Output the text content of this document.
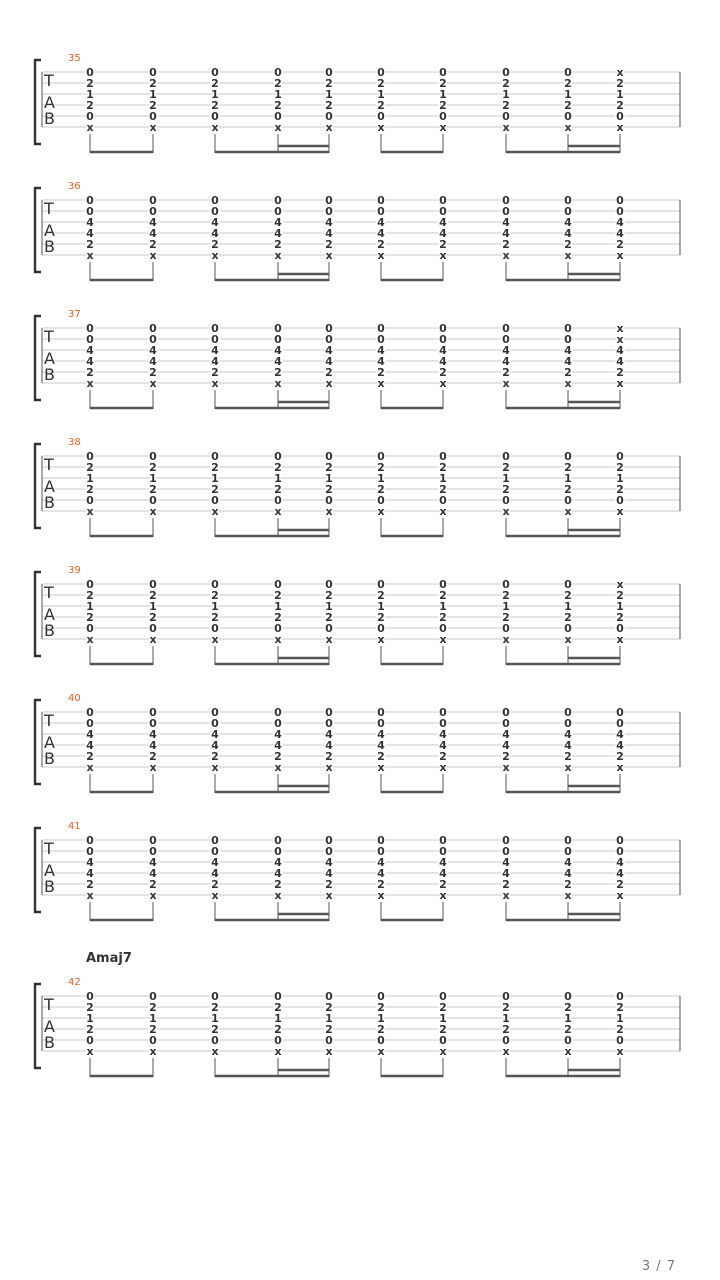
35
T
A
B
0
2
1
2
0
x
0
2
1
2
0
x
0
2
1
2
0
x
0
2
1
2
0
x
0
2
1
2
0
x
0
2
1
2
0
x
0
2
1
2
0
x
0
2
1
2
0
x
0
2
1
2
0
x
x
2
1
2
0
x
36
T
A
B
0
0
4
4
2
x
0
0
4
4
2
x
0
0
4
4
2
x
0
0
4
4
2
x
0
0
4
4
2
x
0
0
4
4
2
x
0
0
4
4
2
x
0
0
4
4
2
x
0
0
4
4
2
x
0
0
4
4
2
x
37
T
A
B
0
0
4
4
2
x
0
0
4
4
2
x
0
0
4
4
2
x
0
0
4
4
2
x
0
0
4
4
2
x
0
0
4
4
2
x
0
0
4
4
2
x
0
0
4
4
2
x
0
0
4
4
2
x
x
x
4
4
2
x
38
T
A
B
0
2
1
2
0
x
0
2
1
2
0
x
0
2
1
2
0
x
0
2
1
2
0
x
0
2
1
2
0
x
0
2
1
2
0
x
0
2
1
2
0
x
0
2
1
2
0
x
0
2
1
2
0
x
0
2
1
2
0
x
39
T
A
B
0
2
1
2
0
x
0
2
1
2
0
x
0
2
1
2
0
x
0
2
1
2
0
x
0
2
1
2
0
x
0
2
1
2
0
x
0
2
1
2
0
x
0
2
1
2
0
x
0
2
1
2
0
x
x
2
1
2
0
x
40
T
A
B
0
0
4
4
2
x
0
0
4
4
2
x
0
0
4
4
2
x
0
0
4
4
2
x
0
0
4
4
2
x
0
0
4
4
2
x
0
0
4
4
2
x
0
0
4
4
2
x
0
0
4
4
2
x
0
0
4
4
2
x
41
T
A
B
0
0
4
4
2
x
0
0
4
4
2
x
0
0
4
4
2
x
0
0
4
4
2
x
0
0
4
4
2
x
0
0
4
4
2
x
0
0
4
4
2
x
0
0
4
4
2
x
0
0
4
4
2
x
0
0
4
4
2
x
Amaj7
42
T
A
B
0
2
1
2
0
x
0
2
1
2
0
x
0
2
1
2
0
x
0
2
1
2
0
x
0
2
1
2
0
x
0
2
1
2
0
x
0
2
1
2
0
x
0
2
1
2
0
x
0
2
1
2
0
x
0
2
1
2
0
x
3 / 7
